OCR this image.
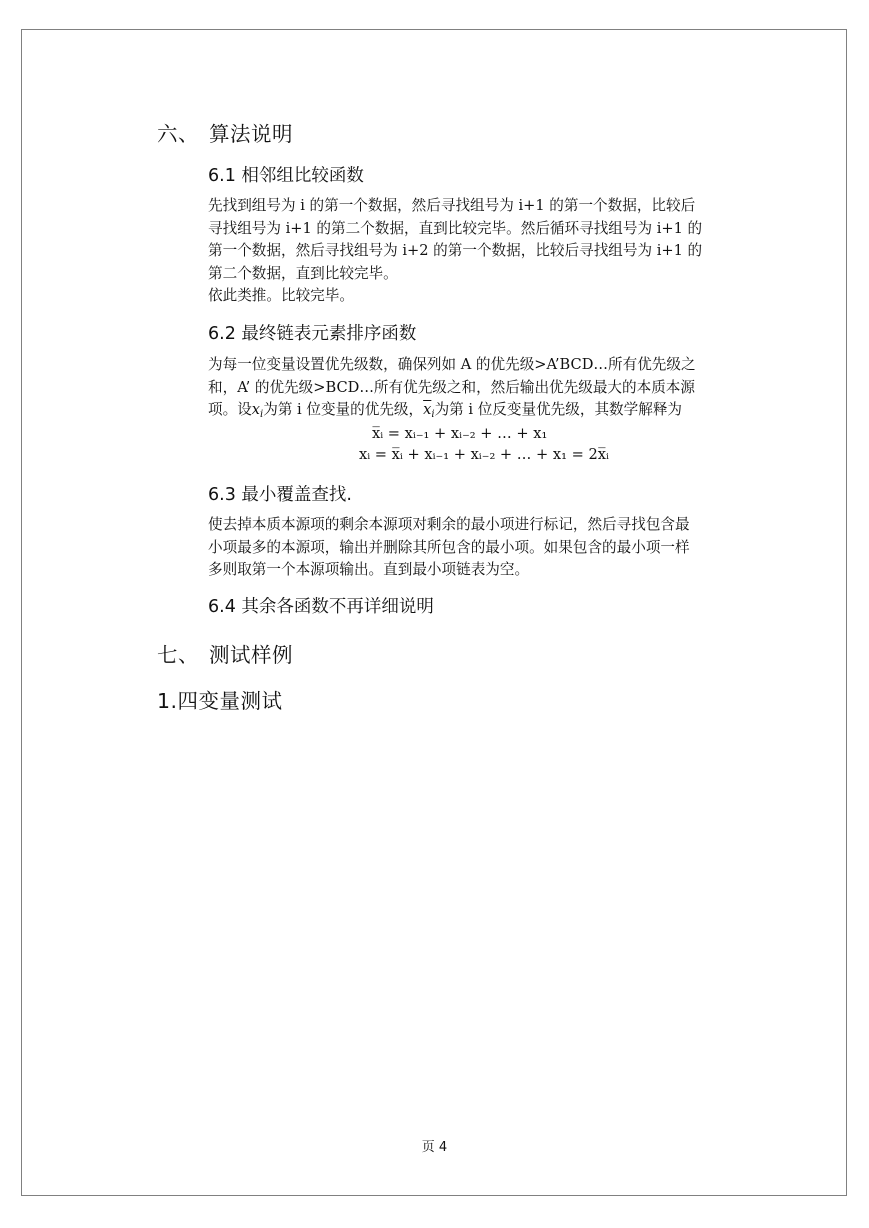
六、 算法说明
6.1 相邻组比较函数
先找到组号为 i 的第一个数据，然后寻找组号为 i+1 的第一个数据，比较后
寻找组号为 i+1 的第二个数据，直到比较完毕。然后循环寻找组号为 i+1 的
第一个数据，然后寻找组号为 i+2 的第一个数据，比较后寻找组号为 i+1 的
第二个数据，直到比较完毕。
依此类推。比较完毕。
6.2 最终链表元素排序函数
为每一位变量设置优先级数，确保列如 A 的优先级>A’BCD…所有优先级之
和，A’ 的优先级>BCD…所有优先级之和，然后输出优先级最大的本质本源
项。设$x_i$为第 i 位变量的优先级，$\overline{x}_i$为第 i 位反变量优先级，其数学解释为
x̅ᵢ = xᵢ₋₁ + xᵢ₋₂ + … + x₁
xᵢ = x̅ᵢ + xᵢ₋₁ + xᵢ₋₂ + … + x₁ = 2x̅ᵢ
6.3 最小覆盖查找.
使去掉本质本源项的剩余本源项对剩余的最小项进行标记，然后寻找包含最
小项最多的本源项，输出并删除其所包含的最小项。如果包含的最小项一样
多则取第一个本源项输出。直到最小项链表为空。
6.4 其余各函数不再详细说明
七、 测试样例
1.四变量测试
页 4
